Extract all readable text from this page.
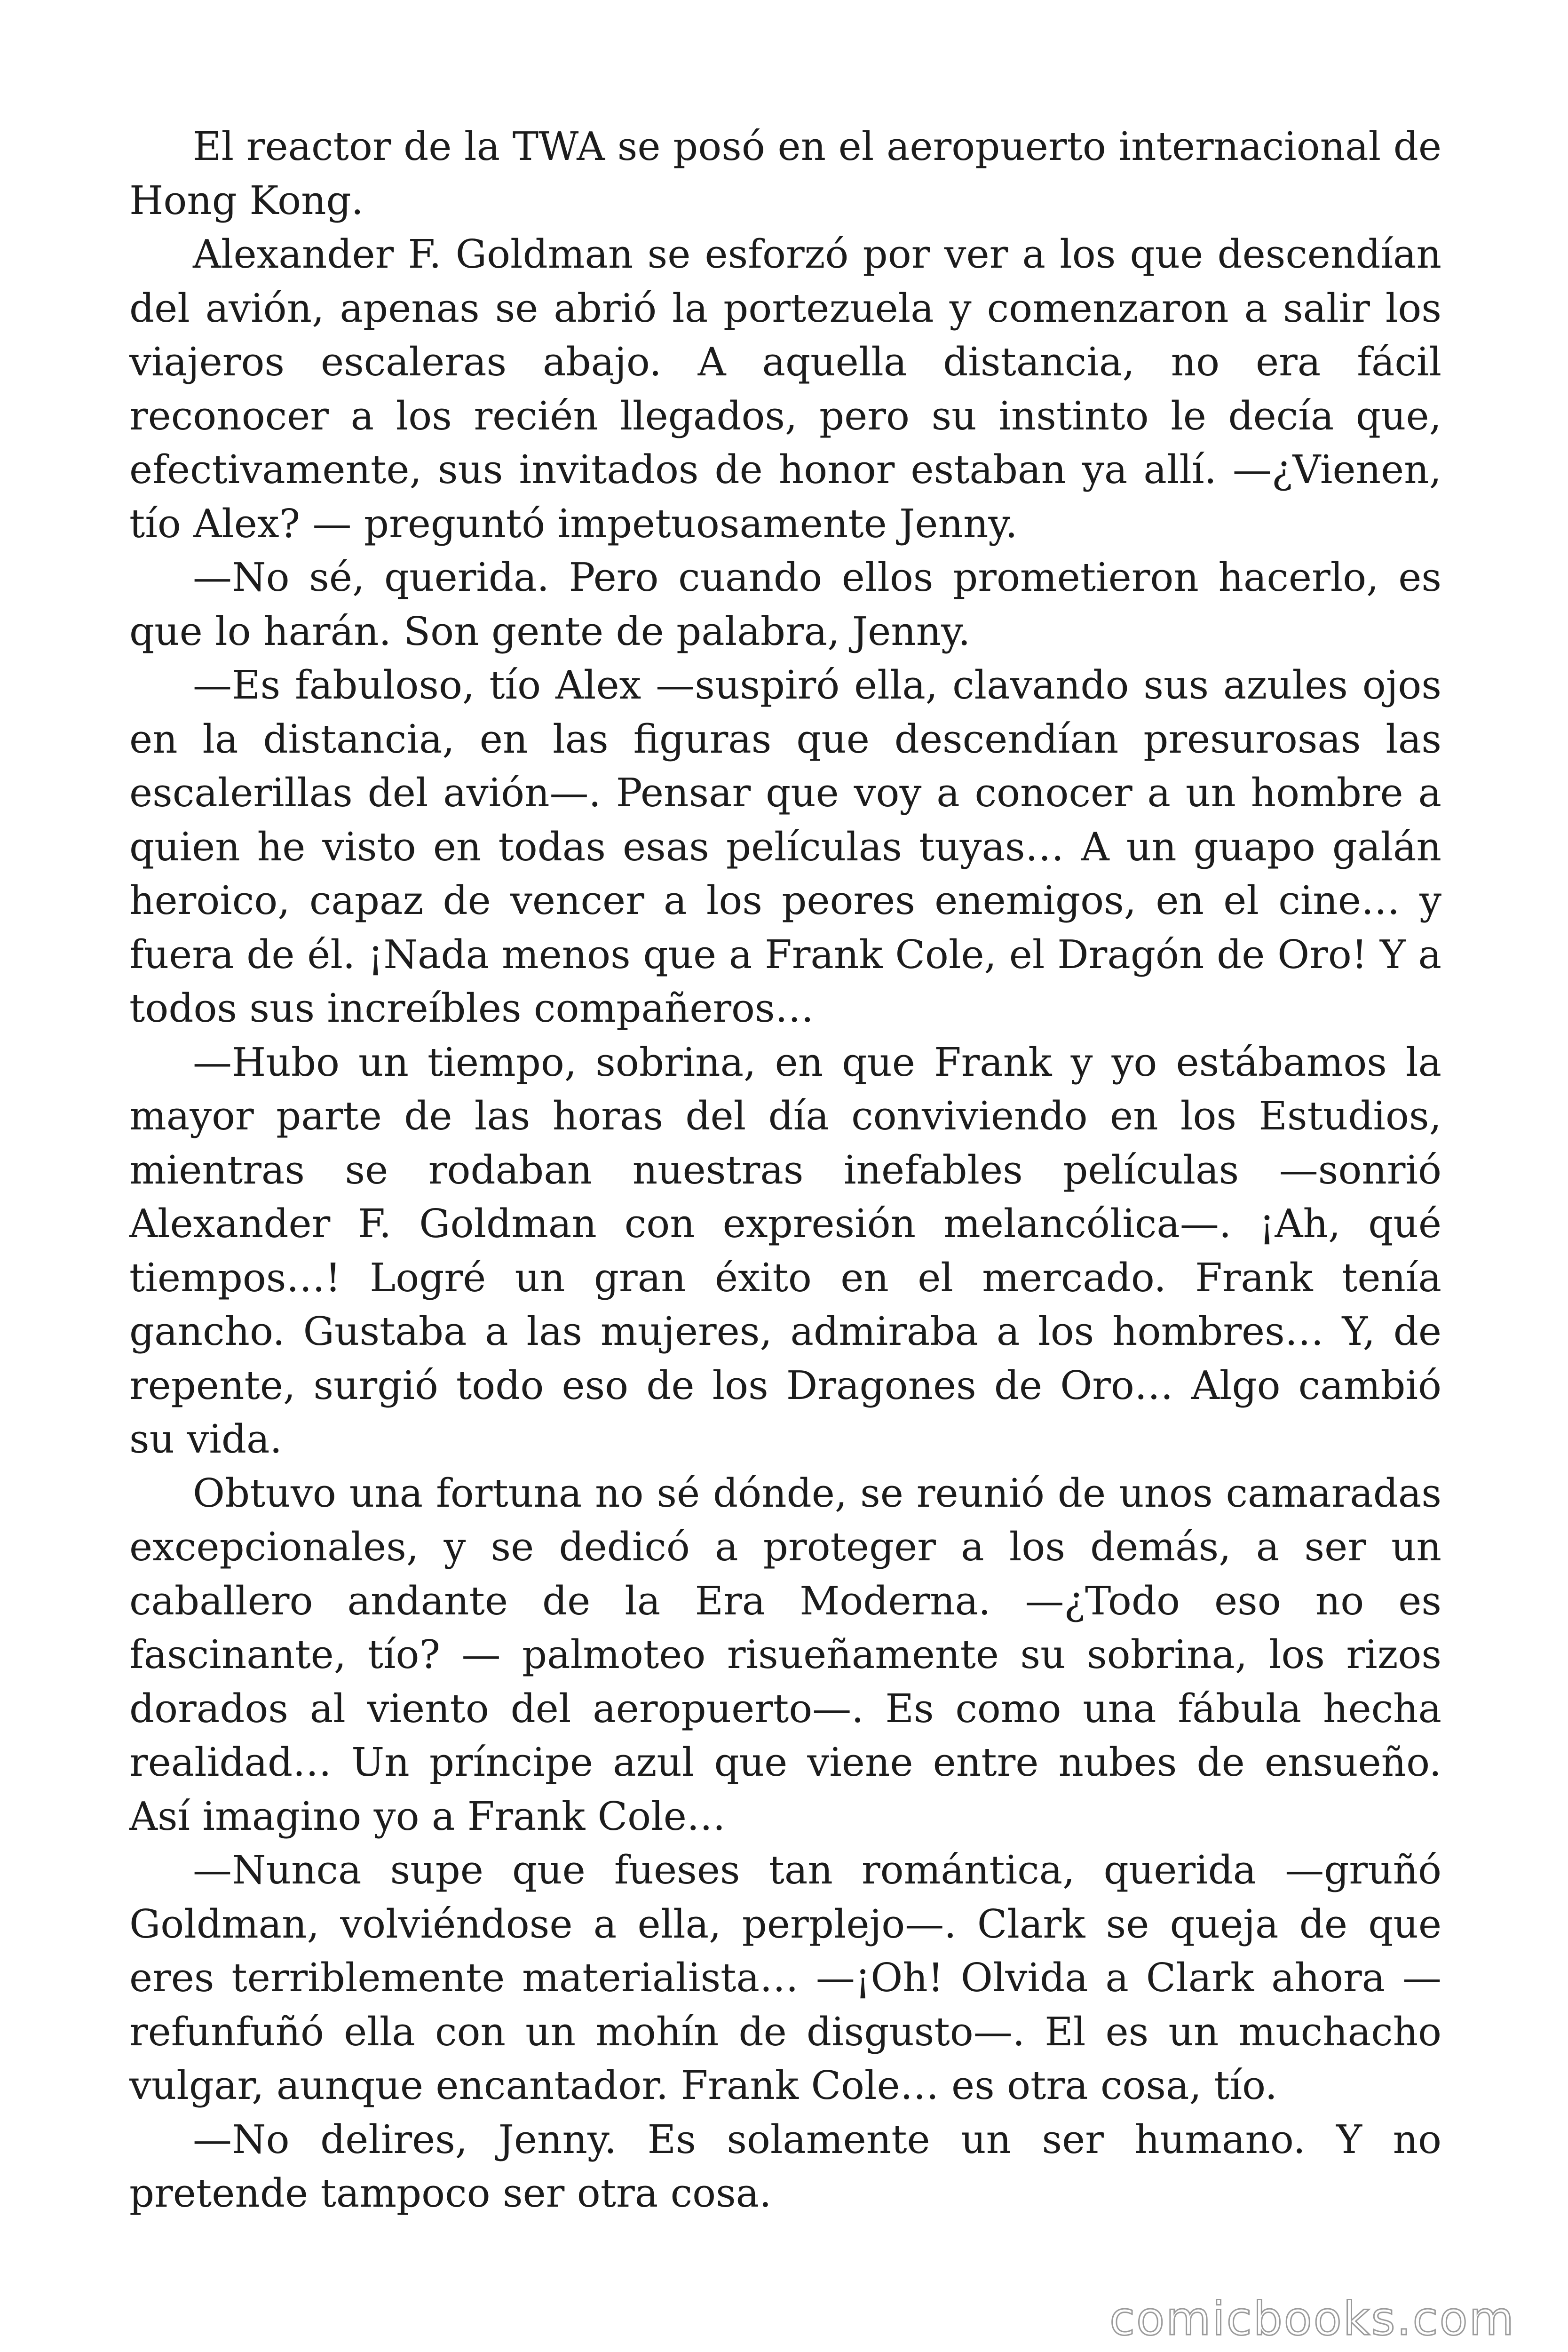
El reactor de la TWA se posó en el aeropuerto internacional de Hong Kong.

Alexander F. Goldman se esforzó por ver a los que descendían del avión, apenas se abrió la portezuela y comenzaron a salir los viajeros escaleras abajo. A aquella distancia, no era fácil reconocer a los recién llegados, pero su instinto le decía que, efectivamente, sus invitados de honor estaban ya allí. —¿Vienen, tío Alex? — preguntó impetuosamente Jenny.

—No sé, querida. Pero cuando ellos prometieron hacerlo, es que lo harán. Son gente de palabra, Jenny.

—Es fabuloso, tío Alex —suspiró ella, clavando sus azules ojos en la distancia, en las figuras que descendían presurosas las escalerillas del avión—. Pensar que voy a conocer a un hombre a quien he visto en todas esas películas tuyas… A un guapo galán heroico, capaz de vencer a los peores enemigos, en el cine… y fuera de él. ¡Nada menos que a Frank Cole, el Dragón de Oro! Y a todos sus increíbles compañeros…

—Hubo un tiempo, sobrina, en que Frank y yo estábamos la mayor parte de las horas del día conviviendo en los Estudios, mientras se rodaban nuestras inefables películas —sonrió Alexander F. Goldman con expresión melancólica—. ¡Ah, qué tiempos…! Logré un gran éxito en el mercado. Frank tenía gancho. Gustaba a las mujeres, admiraba a los hombres… Y, de repente, surgió todo eso de los Dragones de Oro… Algo cambió su vida.

Obtuvo una fortuna no sé dónde, se reunió de unos camaradas excepcionales, y se dedicó a proteger a los demás, a ser un caballero andante de la Era Moderna. —¿Todo eso no es fascinante, tío? — palmoteo risueñamente su sobrina, los rizos dorados al viento del aeropuerto—. Es como una fábula hecha realidad… Un príncipe azul que viene entre nubes de ensueño. Así imagino yo a Frank Cole…

—Nunca supe que fueses tan romántica, querida —gruñó Goldman, volviéndose a ella, perplejo—. Clark se queja de que eres terriblemente materialista… —¡Oh! Olvida a Clark ahora — refunfuñó ella con un mohín de disgusto—. El es un muchacho vulgar, aunque encantador. Frank Cole… es otra cosa, tío.

—No delires, Jenny. Es solamente un ser humano. Y no pretende tampoco ser otra cosa.

comicbooks.com
